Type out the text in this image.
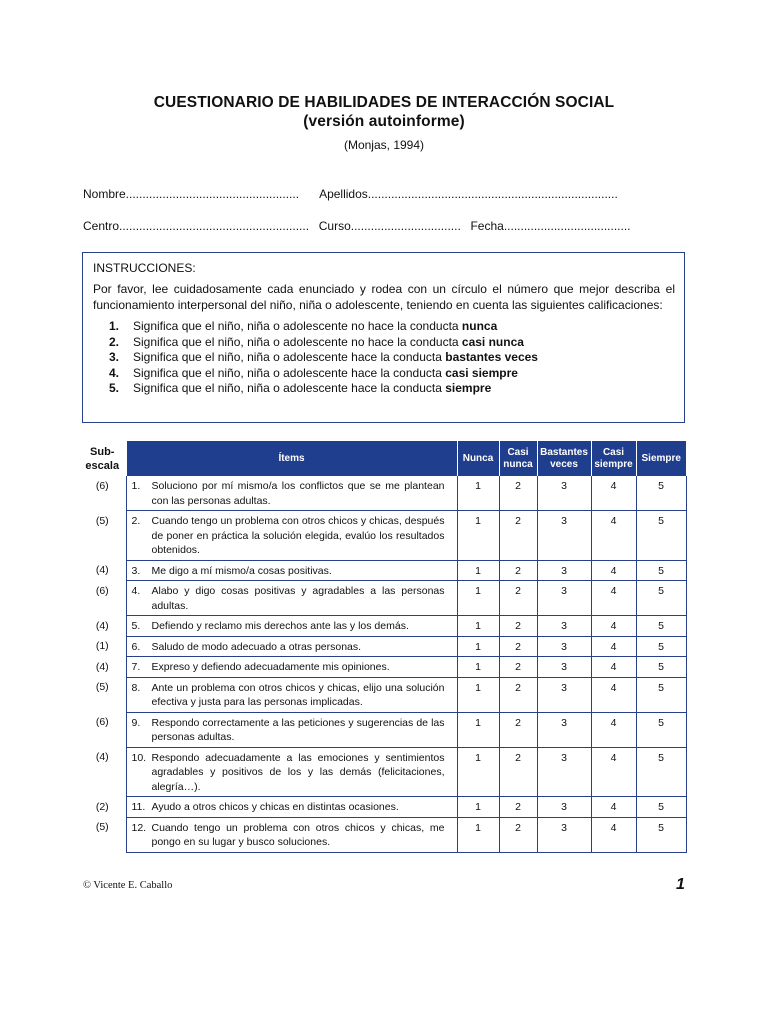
CUESTIONARIO DE HABILIDADES DE INTERACCIÓN SOCIAL
(versión autoinforme)
(Monjas, 1994)
Nombre.................................................... Apellidos...........................................................................
Centro......................................................... Curso................................. Fecha......................................
INSTRUCCIONES:
Por favor, lee cuidadosamente cada enunciado y rodea con un círculo el número que mejor describa el funcionamiento interpersonal del niño, niña o adolescente, teniendo en cuenta las siguientes calificaciones:
1. Significa que el niño, niña o adolescente no hace la conducta nunca
2. Significa que el niño, niña o adolescente no hace la conducta casi nunca
3. Significa que el niño, niña o adolescente hace la conducta bastantes veces
4. Significa que el niño, niña o adolescente hace la conducta casi siempre
5. Significa que el niño, niña o adolescente hace la conducta siempre
Sub-escala	Ítems	Nunca	Casi nunca	Bastantes veces	Casi siempre	Siempre
(6)	1. Soluciono por mí mismo/a los conflictos que se me plantean con las personas adultas.	1	2	3	4	5
(5)	2. Cuando tengo un problema con otros chicos y chicas, después de poner en práctica la solución elegida, evalúo los resultados obtenidos.	1	2	3	4	5
(4)	3. Me digo a mí mismo/a cosas positivas.	1	2	3	4	5
(6)	4. Alabo y digo cosas positivas y agradables a las personas adultas.	1	2	3	4	5
(4)	5. Defiendo y reclamo mis derechos ante las y los demás.	1	2	3	4	5
(1)	6. Saludo de modo adecuado a otras personas.	1	2	3	4	5
(4)	7. Expreso y defiendo adecuadamente mis opiniones.	1	2	3	4	5
(5)	8. Ante un problema con otros chicos y chicas, elijo una solución efectiva y justa para las personas implicadas.	1	2	3	4	5
(6)	9. Respondo correctamente a las peticiones y sugerencias de las personas adultas.	1	2	3	4	5
(4)	10. Respondo adecuadamente a las emociones y sentimientos agradables y positivos de los y las demás (felicitaciones, alegría…).	1	2	3	4	5
(2)	11. Ayudo a otros chicos y chicas en distintas ocasiones.	1	2	3	4	5
(5)	12. Cuando tengo un problema con otros chicos y chicas, me pongo en su lugar y busco soluciones.	1	2	3	4	5
© Vicente E. Caballo	1
